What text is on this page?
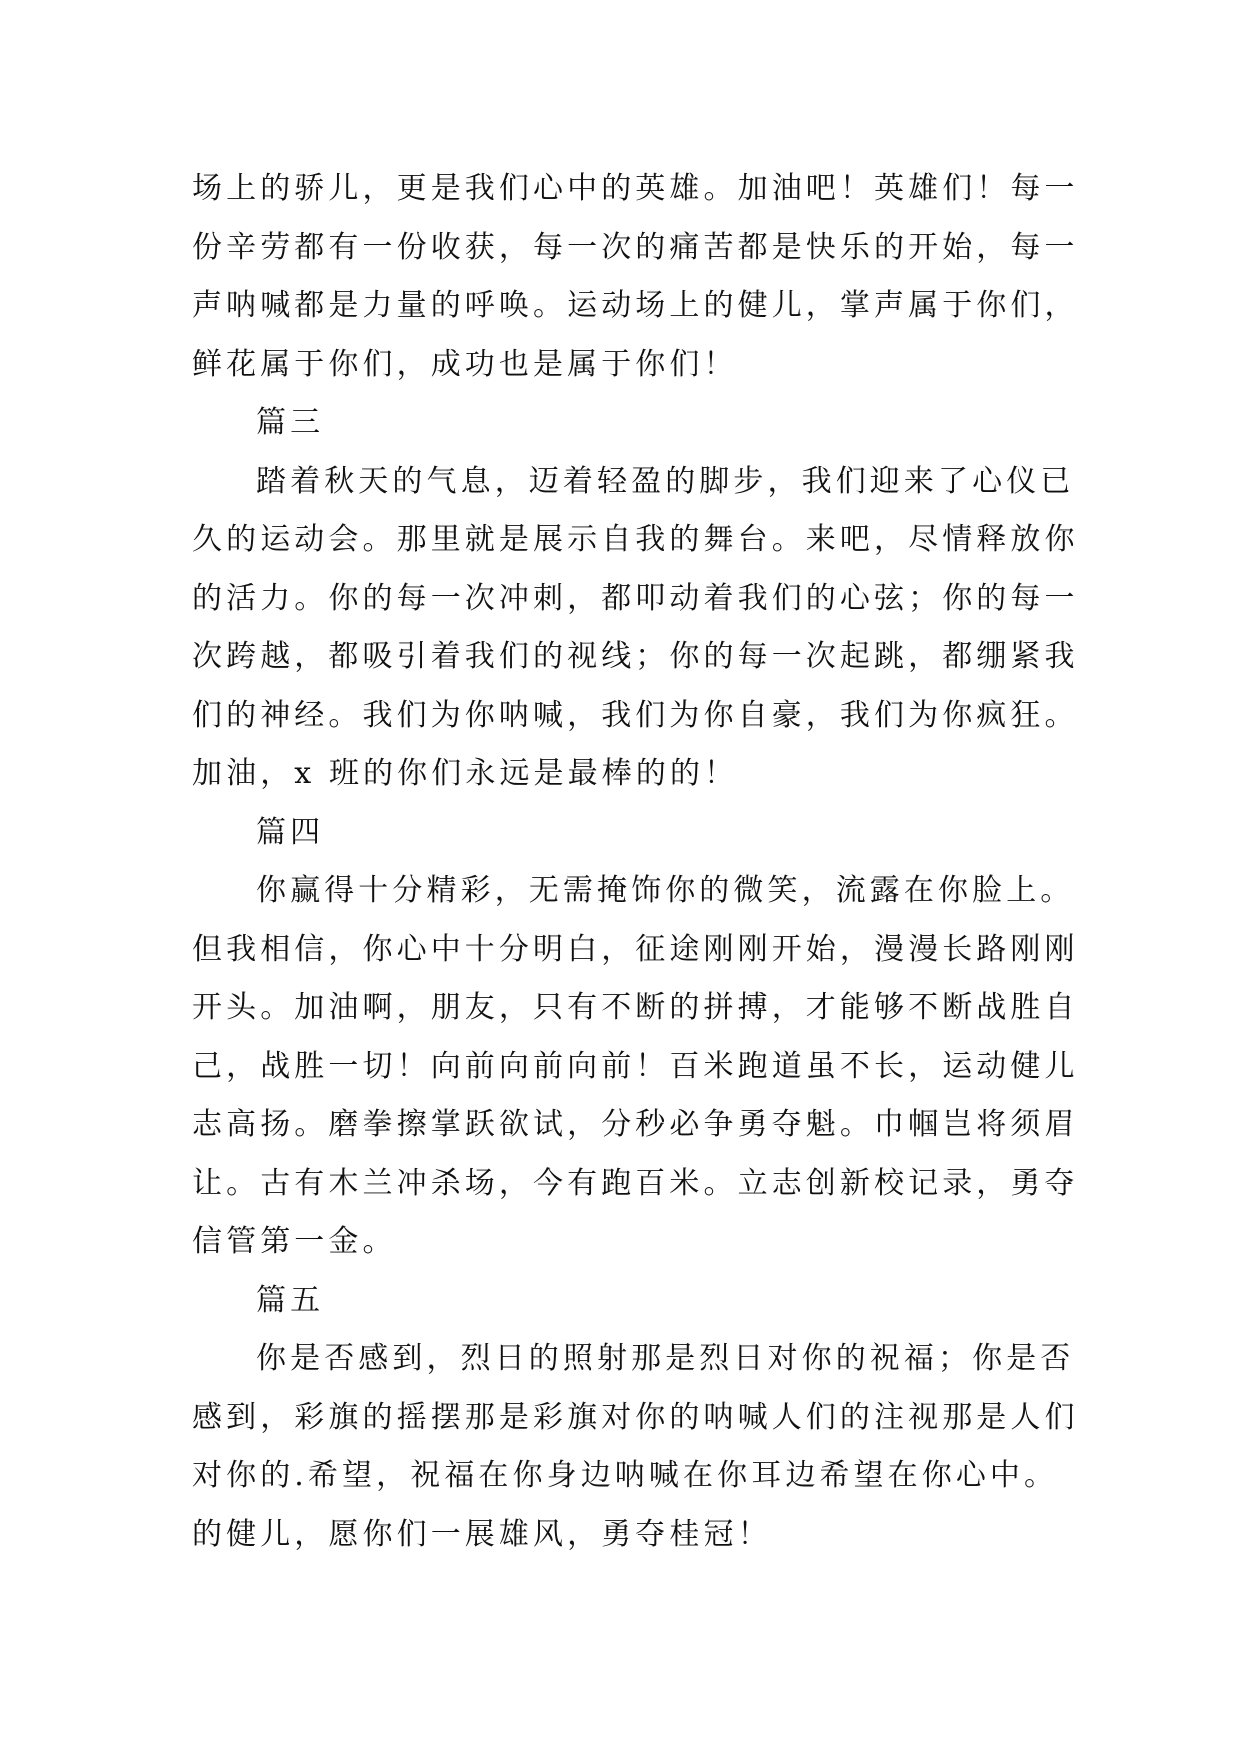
场上的骄儿，更是我们心中的英雄。加油吧！英雄们！每一
份辛劳都有一份收获，每一次的痛苦都是快乐的开始，每一
声呐喊都是力量的呼唤。运动场上的健儿，掌声属于你们，
鲜花属于你们，成功也是属于你们！
篇三
踏着秋天的气息，迈着轻盈的脚步，我们迎来了心仪已
久的运动会。那里就是展示自我的舞台。来吧，尽情释放你
的活力。你的每一次冲刺，都叩动着我们的心弦；你的每一
次跨越，都吸引着我们的视线；你的每一次起跳，都绷紧我
们的神经。我们为你呐喊，我们为你自豪，我们为你疯狂。
加油，x 班的你们永远是最棒的的！
篇四
你赢得十分精彩，无需掩饰你的微笑，流露在你脸上。
但我相信，你心中十分明白，征途刚刚开始，漫漫长路刚刚
开头。加油啊，朋友，只有不断的拼搏，才能够不断战胜自
己，战胜一切！向前向前向前！百米跑道虽不长，运动健儿
志高扬。磨拳擦掌跃欲试，分秒必争勇夺魁。巾帼岂将须眉
让。古有木兰冲杀场，今有跑百米。立志创新校记录，勇夺
信管第一金。
篇五
你是否感到，烈日的照射那是烈日对你的祝福；你是否
感到，彩旗的摇摆那是彩旗对你的呐喊人们的注视那是人们
对你的.希望，祝福在你身边呐喊在你耳边希望在你心中。
的健儿，愿你们一展雄风，勇夺桂冠！
